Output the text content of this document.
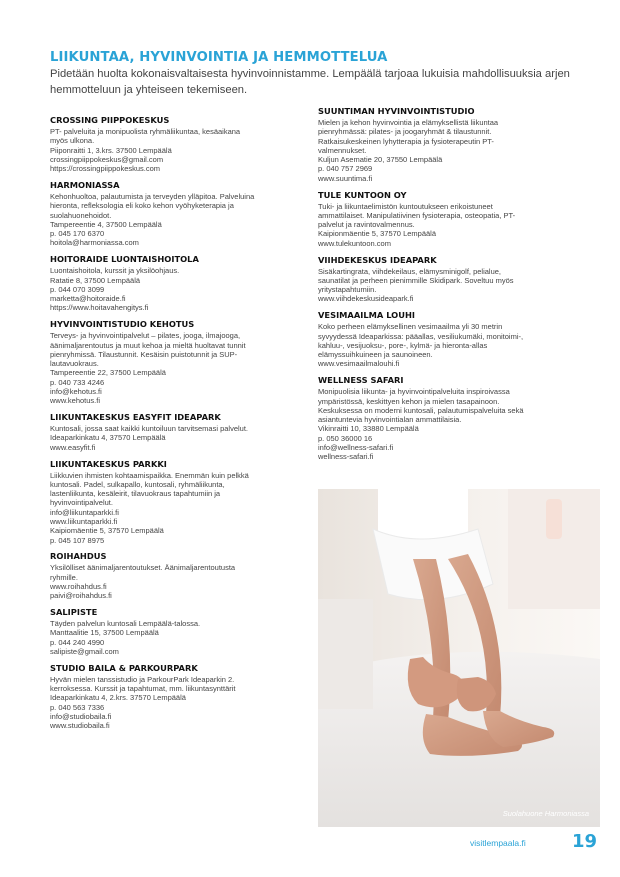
LIIKUNTAA, HYVINVOINTIA JA HEMMOTTELUA
Pidetään huolta kokonaisvaltaisesta hyvinvoinnistamme. Lempäälä tarjoaa lukuisia mahdollisuuksia arjen hemmotteluun ja yhteiseen tekemiseen.
CROSSING PIIPPOKESKUS
PT- palveluita ja monipuolista ryhmäliikuntaa, kesäaikana
myös ulkona.
Piiponraitti 1, 3.krs. 37500 Lempäälä
crossingpiippokeskus@gmail.com
https://crossingpiippokeskus.com
HARMONIASSA
Kehonhuoltoa, palautumista ja terveyden ylläpitoa. Palveluina
hieronta, refleksologia eli koko kehon vyöhyketerapia ja
suolahuonehoidot.
Tampereentie 4, 37500 Lempäälä
p. 045 170 6370
hoitola@harmoniassa.com
HOITORAIDE LUONTAISHOITOLA
Luontaishoitola, kurssit ja yksilöohjaus.
Ratatie 8, 37500 Lempäälä
p. 044 070 3099
marketta@hoitoraide.fi
https://www.hoitavahengitys.fi
HYVINVOINTISTUDIO KEHOTUS
Terveys- ja hyvinvointipalvelut – pilates, jooga, ilmajooga,
äänimaljarentoutus ja muut kehoa ja mieltä huoltavat tunnit
pienryhmissä. Tilaustunnit. Kesäisin puistotunnit ja SUP-
lautavuokraus.
Tampereentie 22, 37500 Lempäälä
p. 040 733 4246
info@kehotus.fi
www.kehotus.fi
LIIKUNTAKESKUS EASYFIT IDEAPARK
Kuntosali, jossa saat kaikki kuntoiluun tarvitsemasi palvelut.
Ideaparkinkatu 4, 37570 Lempäälä
www.easyfit.fi
LIIKUNTAKESKUS PARKKI
Liikkuvien ihmisten kohtaamispaikka. Enemmän kuin pelkkä
kuntosali. Padel, sulkapallo, kuntosali, ryhmäliikunta,
lastenliikunta, kesäleirit, tilavuokraus tapahtumiin ja
hyvinvointipalvelut.
info@liikuntaparkki.fi
www.liikuntaparkki.fi
Kaipiomäentie 5, 37570 Lempäälä
p. 045 107 8975
ROIHAHDUS
Yksilölliset äänimaljarentoutukset. Äänimaljarentoutusta
ryhmille.
www.roihahdus.fi
paivi@roihahdus.fi
SALIPISTE
Täyden palvelun kuntosali Lempäälä-talossa.
Manttaalitie 15, 37500 Lempäälä
p. 044 240 4990
salipiste@gmail.com
STUDIO BAILA & PARKOURPARK
Hyvän mielen tanssistudio ja ParkourPark Ideaparkin 2.
kerroksessa. Kurssit ja tapahtumat, mm. liikuntasynttärit
Ideaparkinkatu 4, 2.krs. 37570 Lempäälä
p. 040 563 7336
info@studiobaila.fi
www.studiobaila.fi
SUUNTIMAN HYVINVOINTISTUDIO
Mielen ja kehon hyvinvointia ja elämyksellistä liikuntaa
pienryhmässä: pilates- ja joogaryhmät & tilaustunnit.
Ratkaisukeskeinen lyhytterapia ja fysioterapeutin PT-
valmennukset.
Kuljun Asematie 20, 37550 Lempäälä
p. 040 757 2969
www.suuntima.fi
TULE KUNTOON OY
Tuki- ja liikuntaelimistön kuntoutukseen erikoistuneet
ammattilaiset. Manipulatiivinen fysioterapia, osteopatia, PT-
palvelut ja ravintovalmennus.
Kaipionmäentie 5, 37570 Lempäälä
www.tulekuntoon.com
VIIHDEKESKUS IDEAPARK
Sisäkartingrata, viihdekeilaus, elämysminigolf, pelialue,
saunatilat ja perheen pienimmille Skidipark. Soveltuu myös
yritystapahtumiin.
www.viihdekeskusideapark.fi
VESIMAAILMA LOUHI
Koko perheen elämyksellinen vesimaailma yli 30 metrin
syvyydessä Ideaparkissa: pääallas, vesiliukumäki, monitoimi-,
kahluu-, vesijuoksu-, pore-, kylmä- ja hieronta-allas
elämyssuihkuineen ja saunoineen.
www.vesimaailmalouhi.fi
WELLNESS SAFARI
Monipuolisia liikunta- ja hyvinvointipalveluita inspiroivassa
ympäristössä, keskittyen kehon ja mielen tasapainoon.
Keskuksessa on moderni kuntosali, palautumispalveluita sekä
asiantuntevia hyvinvointialan ammattilaisia.
Vikinraitti 10, 33880 Lempäälä
p. 050 36000 16
info@wellness-safari.fi
wellness-safari.fi
Suolahuone Harmoniassa
visitlempaala.fi	19
